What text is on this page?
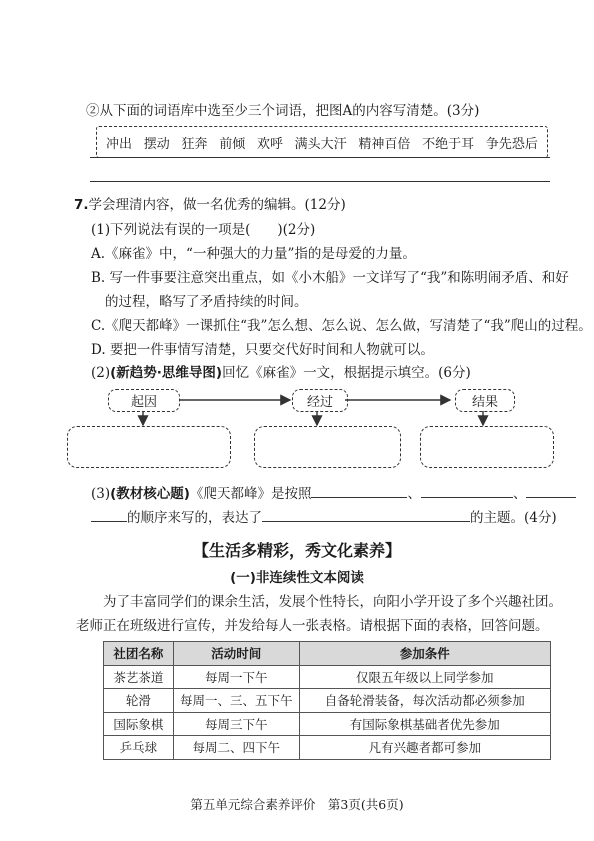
②从下面的词语库中选至少三个词语，把图A的内容写清楚。(3分)
冲出 摆动 狂奔 前倾 欢呼 满头大汗 精神百倍 不绝于耳 争先恐后
7.学会理清内容，做一名优秀的编辑。(12分)
(1)下列说法有误的一项是(　　)(2分)
A.《麻雀》中，“一种强大的力量”指的是母爱的力量。
B. 写一件事要注意突出重点，如《小木船》一文详写了“我”和陈明闹矛盾、和好
的过程，略写了矛盾持续的时间。
C.《爬天都峰》一课抓住“我”怎么想、怎么说、怎么做，写清楚了“我”爬山的过程。
D. 要把一件事情写清楚，只要交代好时间和人物就可以。
(2)(新趋势·思维导图)回忆《麻雀》一文，根据提示填空。(6分)
起因	经过	结果
(3)(教材核心题)《爬天都峰》是按照	、	、
的顺序来写的，表达了	的主题。(4分)
【生活多精彩，秀文化素养】
(一)非连续性文本阅读
为了丰富同学们的课余生活，发展个性特长，向阳小学开设了多个兴趣社团。
老师正在班级进行宣传，并发给每人一张表格。请根据下面的表格，回答问题。
社团名称	活动时间	参加条件
茶艺茶道	每周一下午	仅限五年级以上同学参加
轮滑	每周一、三、五下午	自备轮滑装备，每次活动都必须参加
国际象棋	每周三下午	有国际象棋基础者优先参加
乒乓球	每周二、四下午	凡有兴趣者都可参加
第五单元综合素养评价　第3页(共6页)
